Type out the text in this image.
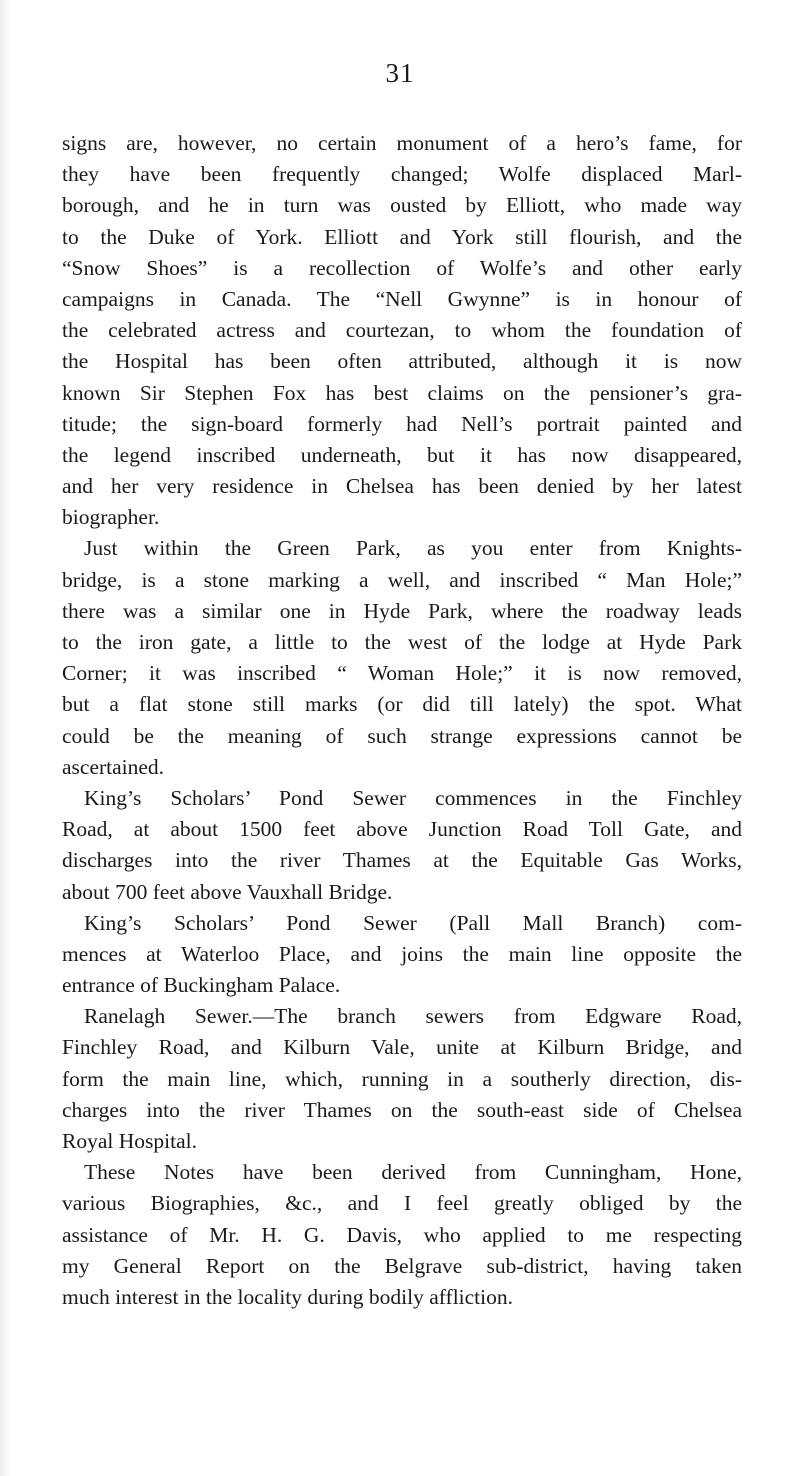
31
signs are, however, no certain monument of a hero’s fame, for
they have been frequently changed; Wolfe displaced Marl-
borough, and he in turn was ousted by Elliott, who made way
to the Duke of York. Elliott and York still flourish, and the
“Snow Shoes” is a recollection of Wolfe’s and other early
campaigns in Canada. The “Nell Gwynne” is in honour of
the celebrated actress and courtezan, to whom the foundation of
the Hospital has been often attributed, although it is now
known Sir Stephen Fox has best claims on the pensioner’s gra-
titude; the sign-board formerly had Nell’s portrait painted and
the legend inscribed underneath, but it has now disappeared,
and her very residence in Chelsea has been denied by her latest
biographer.
Just within the Green Park, as you enter from Knights-
bridge, is a stone marking a well, and inscribed “ Man Hole;”
there was a similar one in Hyde Park, where the roadway leads
to the iron gate, a little to the west of the lodge at Hyde Park
Corner; it was inscribed “ Woman Hole;” it is now removed,
but a flat stone still marks (or did till lately) the spot. What
could be the meaning of such strange expressions cannot be
ascertained.
King’s Scholars’ Pond Sewer commences in the Finchley
Road, at about 1500 feet above Junction Road Toll Gate, and
discharges into the river Thames at the Equitable Gas Works,
about 700 feet above Vauxhall Bridge.
King’s Scholars’ Pond Sewer (Pall Mall Branch) com-
mences at Waterloo Place, and joins the main line opposite the
entrance of Buckingham Palace.
Ranelagh Sewer.—The branch sewers from Edgware Road,
Finchley Road, and Kilburn Vale, unite at Kilburn Bridge, and
form the main line, which, running in a southerly direction, dis-
charges into the river Thames on the south-east side of Chelsea
Royal Hospital.
These Notes have been derived from Cunningham, Hone,
various Biographies, &c., and I feel greatly obliged by the
assistance of Mr. H. G. Davis, who applied to me respecting
my General Report on the Belgrave sub-district, having taken
much interest in the locality during bodily affliction.
